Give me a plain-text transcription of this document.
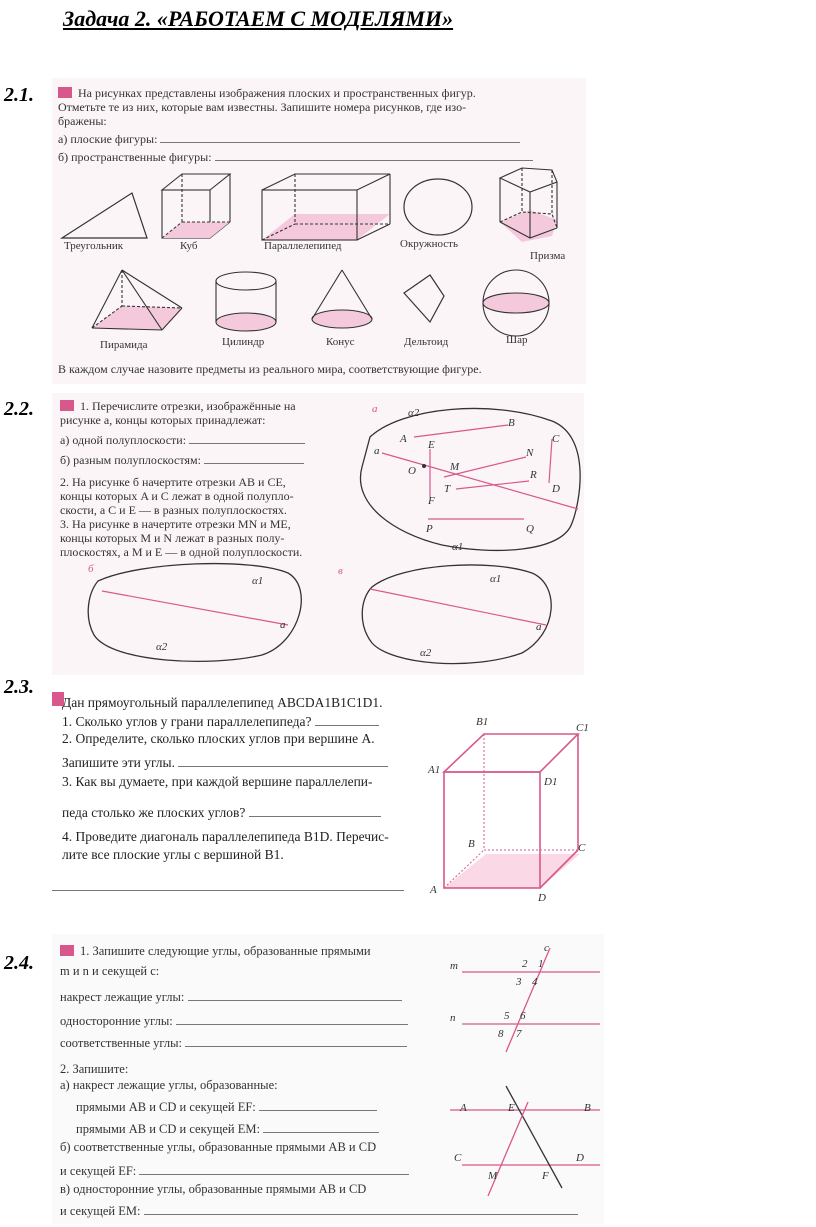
Задача 2. «РАБОТАЕМ С МОДЕЛЯМИ»
2.1.	На рисунках представлены изображения плоских и пространственных фигур.
Отметьте те из них, которые вам известны. Запишите номера рисунков, где изо-
бражены:
а) плоские фигуры:
б) пространственные фигуры:
Треугольник	Куб	Параллелепипед	Окружность
Призма
Пирамида	Цилиндр	Конус	Дельтоид	Шар
В каждом случае назовите предметы из реального мира, соответствующие фигуре.
2.2.	1. Перечислите отрезки, изображённые на
рисунке а, концы которых принадлежат:
а) одной полуплоскости:
б) разным полуплоскостям:
2. На рисунке б начертите отрезки AB и CE,
концы которых A и C лежат в одной полупло-
скости, а C и E — в разных полуплоскостях.
3. На рисунке в начертите отрезки MN и ME,
концы которых M и N лежат в разных полу-
плоскостях, а M и E — в одной полуплоскости.
а	α2
B
A E	C
a	N
O	M
R
T	D
F
P	Q
α1
б
α1
a
α2
в
α1
a
α2
2.3.
Дан прямоугольный параллелепипед ABCDA1B1C1D1.
1. Сколько углов у грани параллелепипеда?
2. Определите, сколько плоских углов при вершине A.
Запишите эти углы.
3. Как вы думаете, при каждой вершине параллелепи-
педа столько же плоских углов?
4. Проведите диагональ параллелепипеда B1D. Перечис-
лите все плоские углы с вершиной B1.
B1	C1
A1
D1
B	C
A
D
2.4.
1. Запишите следующие углы, образованные прямыми
m и n и секущей c:
накрест лежащие углы:
односторонние углы:
соответственные углы:
2. Запишите:
а) накрест лежащие углы, образованные:
прямыми AB и CD и секущей EF:
прямыми AB и CD и секущей EM:
б) соответственные углы, образованные прямыми AB и CD
и секущей EF:
в) односторонние углы, образованные прямыми AB и CD
и секущей EM:
c
m	2 1
3 4
n	5 6
8 7
A	E	B
C	D
M	F
